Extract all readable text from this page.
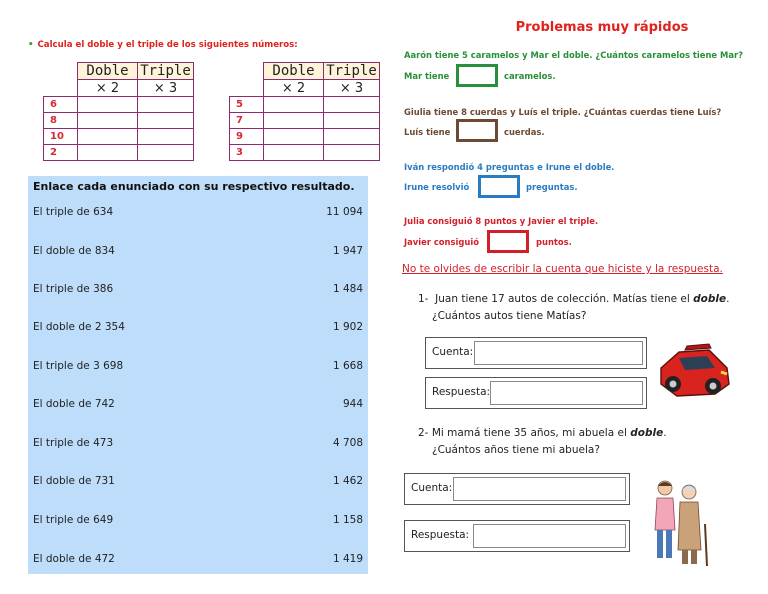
• Calcula el doble y el triple de los siguientes números:
	Doble	Triple
	× 2	× 3
6		
8		
10		
2		
	Doble	Triple
	× 2	× 3
5		
7		
9		
3		
Enlace cada enunciado con su respectivo resultado.
El triple de 634	11 094
El doble de 834	1 947
El triple de 386	1 484
El doble de 2 354	1 902
El triple de 3 698	1 668
El doble de 742	944
El triple de 473	4 708
El doble de 731	1 462
El triple de 649	1 158
El doble de 472	1 419
Problemas muy rápidos
Aarón tiene 5 caramelos y Mar el doble. ¿Cuántos caramelos tiene Mar?
Mar tiene	caramelos.
Giulia tiene 8 cuerdas y Luís el triple. ¿Cuántas cuerdas tiene Luís?
Luís tiene	cuerdas.
Iván respondió 4 preguntas e Irune el doble.
Irune resolvió	preguntas.
Julia consiguió 8 puntos y Javier el triple.
Javier consiguió	puntos.
No te olvides de escribir la cuenta que hiciste y la respuesta.
1- Juan tiene 17 autos de colección. Matías tiene el doble.
¿Cuántos autos tiene Matías?
Cuenta:
Respuesta:
2- Mi mamá tiene 35 años, mi abuela el doble.
¿Cuántos años tiene mi abuela?
Cuenta:
Respuesta:
